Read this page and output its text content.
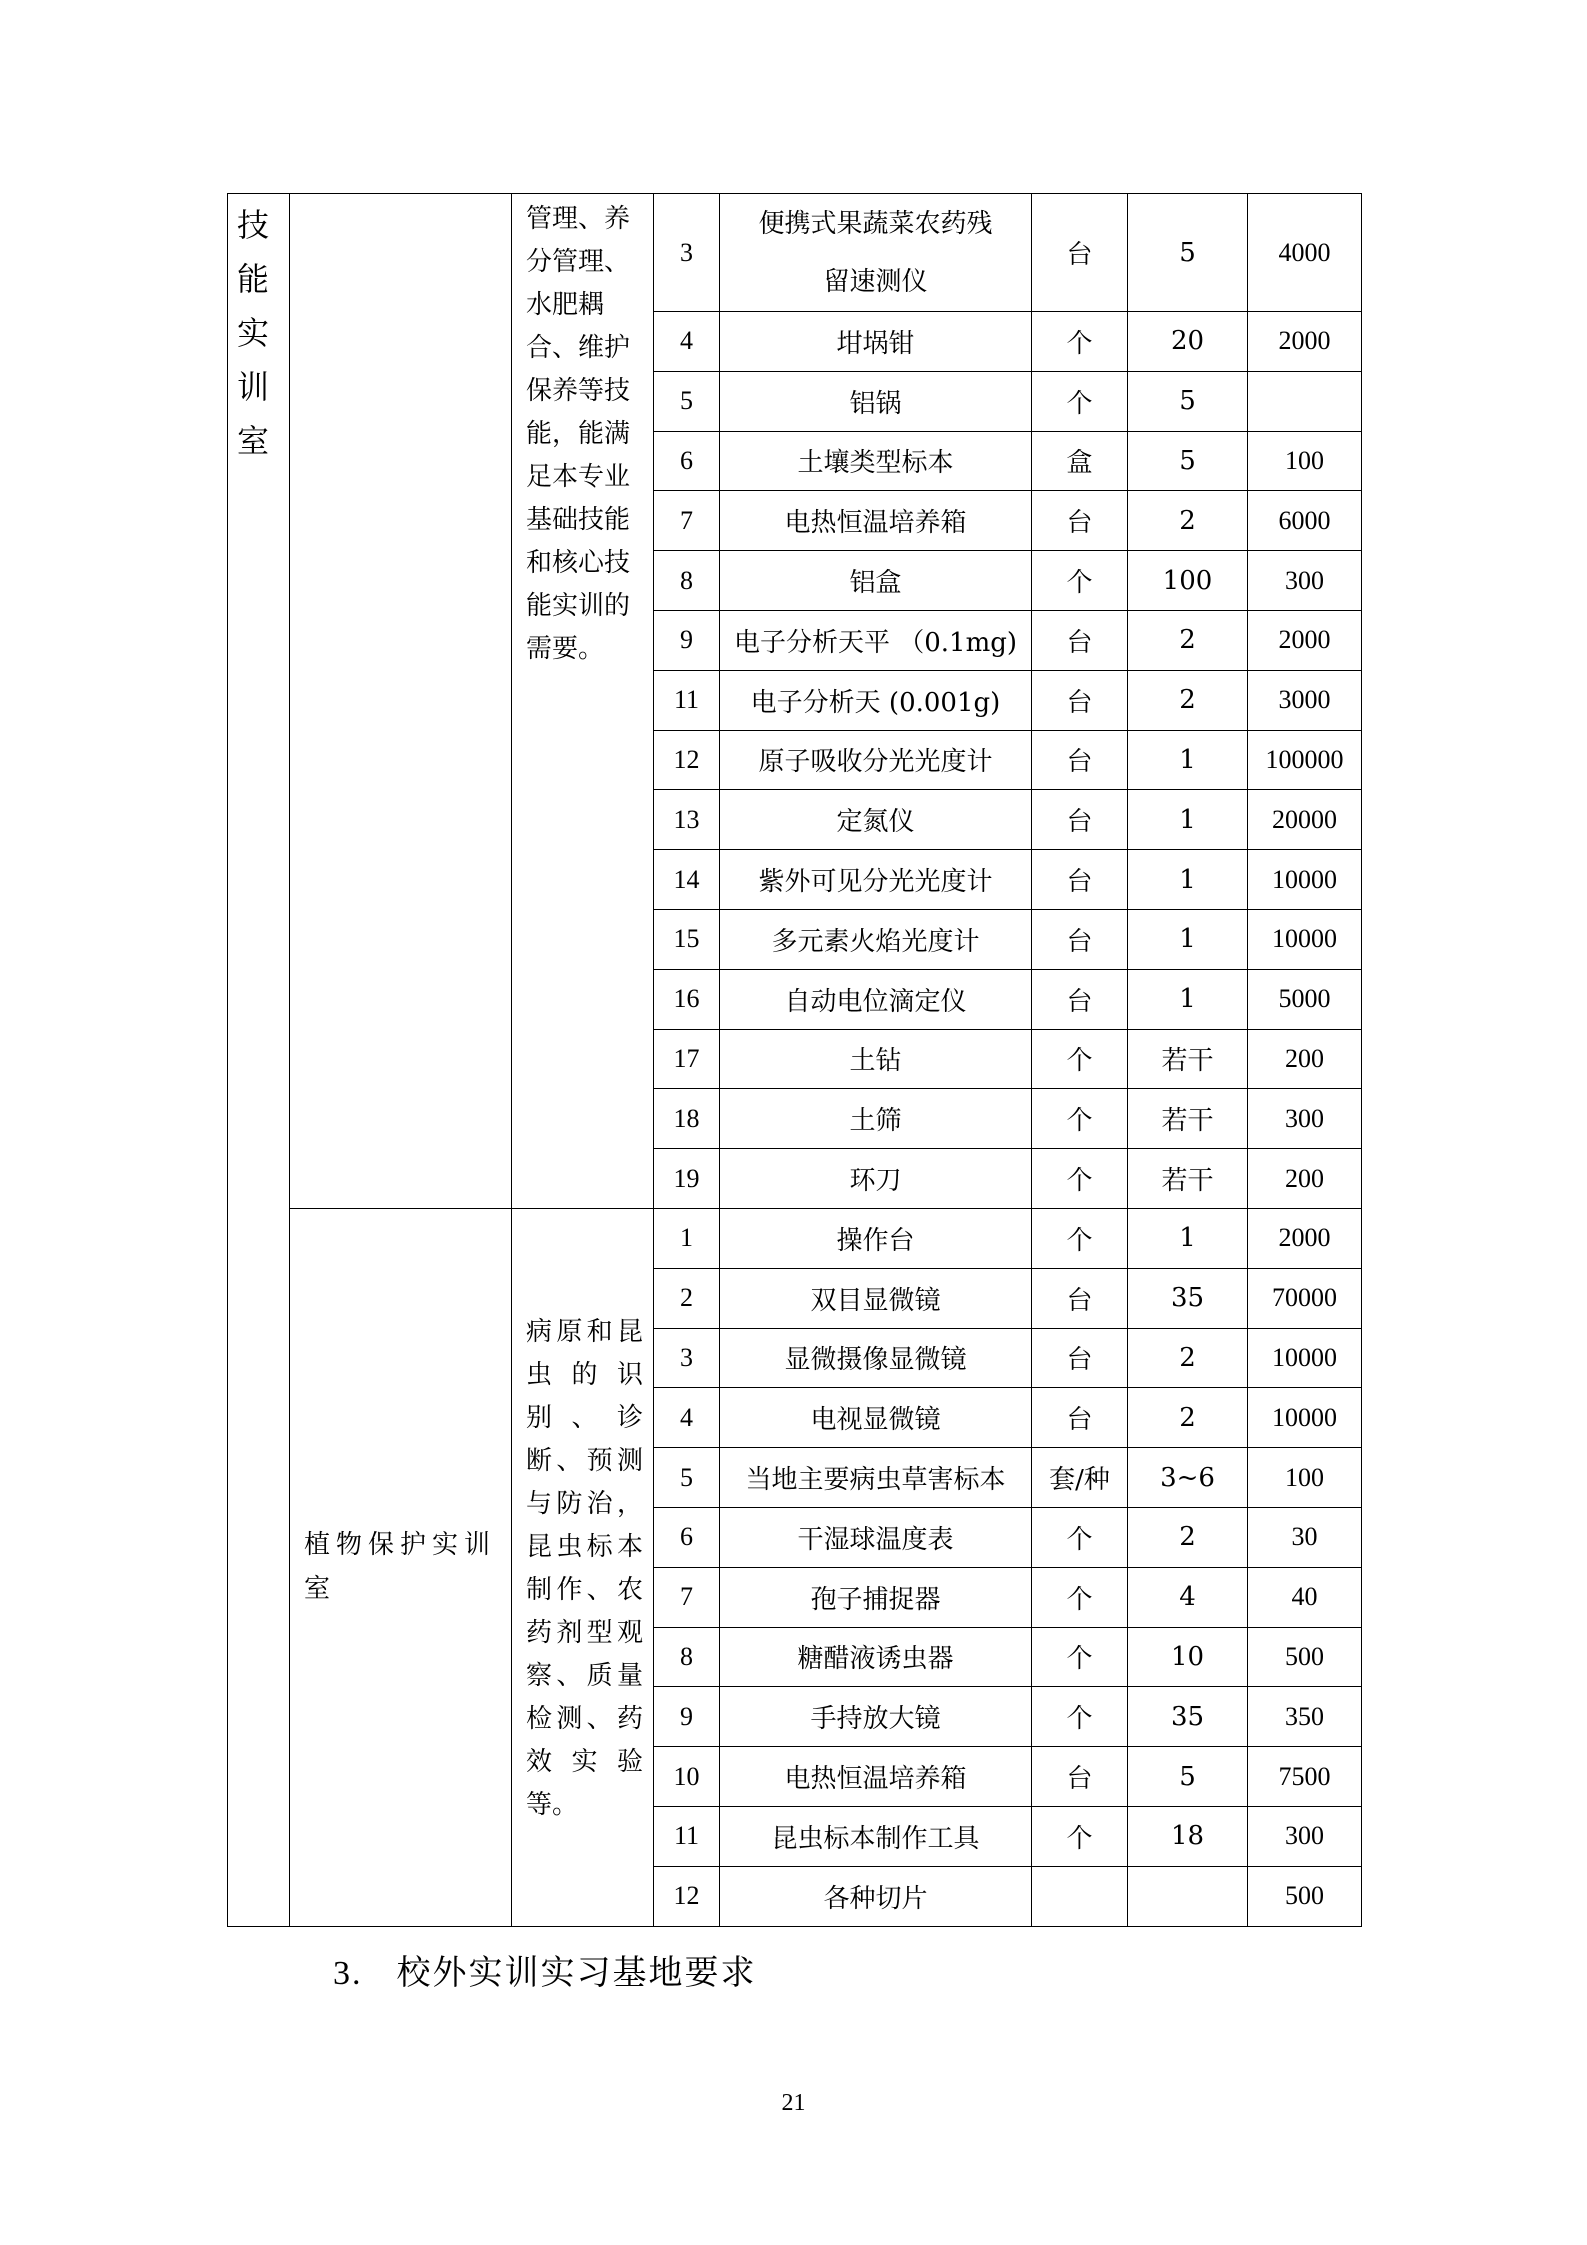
技能实训室		管理、养分管理、水肥耦合、维护保养等技能，能满足本专业基础技能和核心技能实训的需要。	3	便携式果蔬菜农药残留速测仪	台	5	4000
			4	坩埚钳	个	20	2000
			5	铝锅	个	5	
			6	土壤类型标本	盒	5	100
			7	电热恒温培养箱	台	2	6000
			8	铝盒	个	100	300
			9	电子分析天平 （0.1mg)	台	2	2000
			11	电子分析天 (0.001g)	台	2	3000
			12	原子吸收分光光度计	台	1	100000
			13	定氮仪	台	1	20000
			14	紫外可见分光光度计	台	1	10000
			15	多元素火焰光度计	台	1	10000
			16	自动电位滴定仪	台	1	5000
			17	土钻	个	若干	200
			18	土筛	个	若干	300
			19	环刀	个	若干	200
	植物保护实训室	病原和昆虫的识别、诊断、预测与防治，昆虫标本制作、农药剂型观察、质量检测、药效实验等。	1	操作台	个	1	2000
			2	双目显微镜	台	35	70000
			3	显微摄像显微镜	台	2	10000
			4	电视显微镜	台	2	10000
			5	当地主要病虫草害标本	套/种	3~6	100
			6	干湿球温度表	个	2	30
			7	孢子捕捉器	个	4	40
			8	糖醋液诱虫器	个	10	500
			9	手持放大镜	个	35	350
			10	电热恒温培养箱	台	5	7500
			11	昆虫标本制作工具	个	18	300
			12	各种切片			500
3. 校外实训实习基地要求
21
